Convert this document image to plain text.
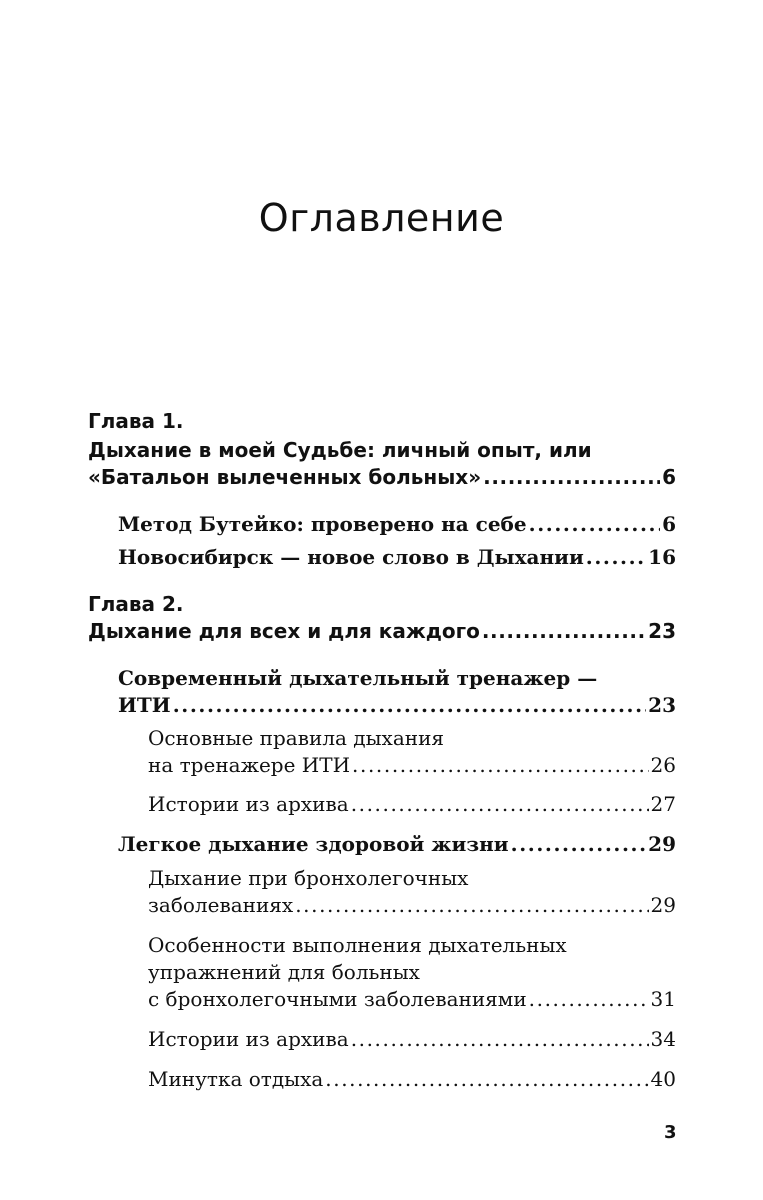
Оглавление
Глава 1.
Дыхание в моей Судьбе: личный опыт, или
«Батальон вылеченных больных» .....	6
Метод Бутейко: проверено на себе .....	6
Новосибирск — новое слово в Дыхании .....	16
Глава 2.
Дыхание для всех и для каждого .....	23
Современный дыхательный тренажер —
ИТИ .....	23
Основные правила дыхания
на тренажере ИТИ .....	26
Истории из архива .....	27
Легкое дыхание здоровой жизни .....	29
Дыхание при бронхолегочных
заболеваниях .....	29
Особенности выполнения дыхательных
упражнений для больных
с бронхолегочными заболеваниями .....	31
Истории из архива .....	34
Минутка отдыха .....	40
3
